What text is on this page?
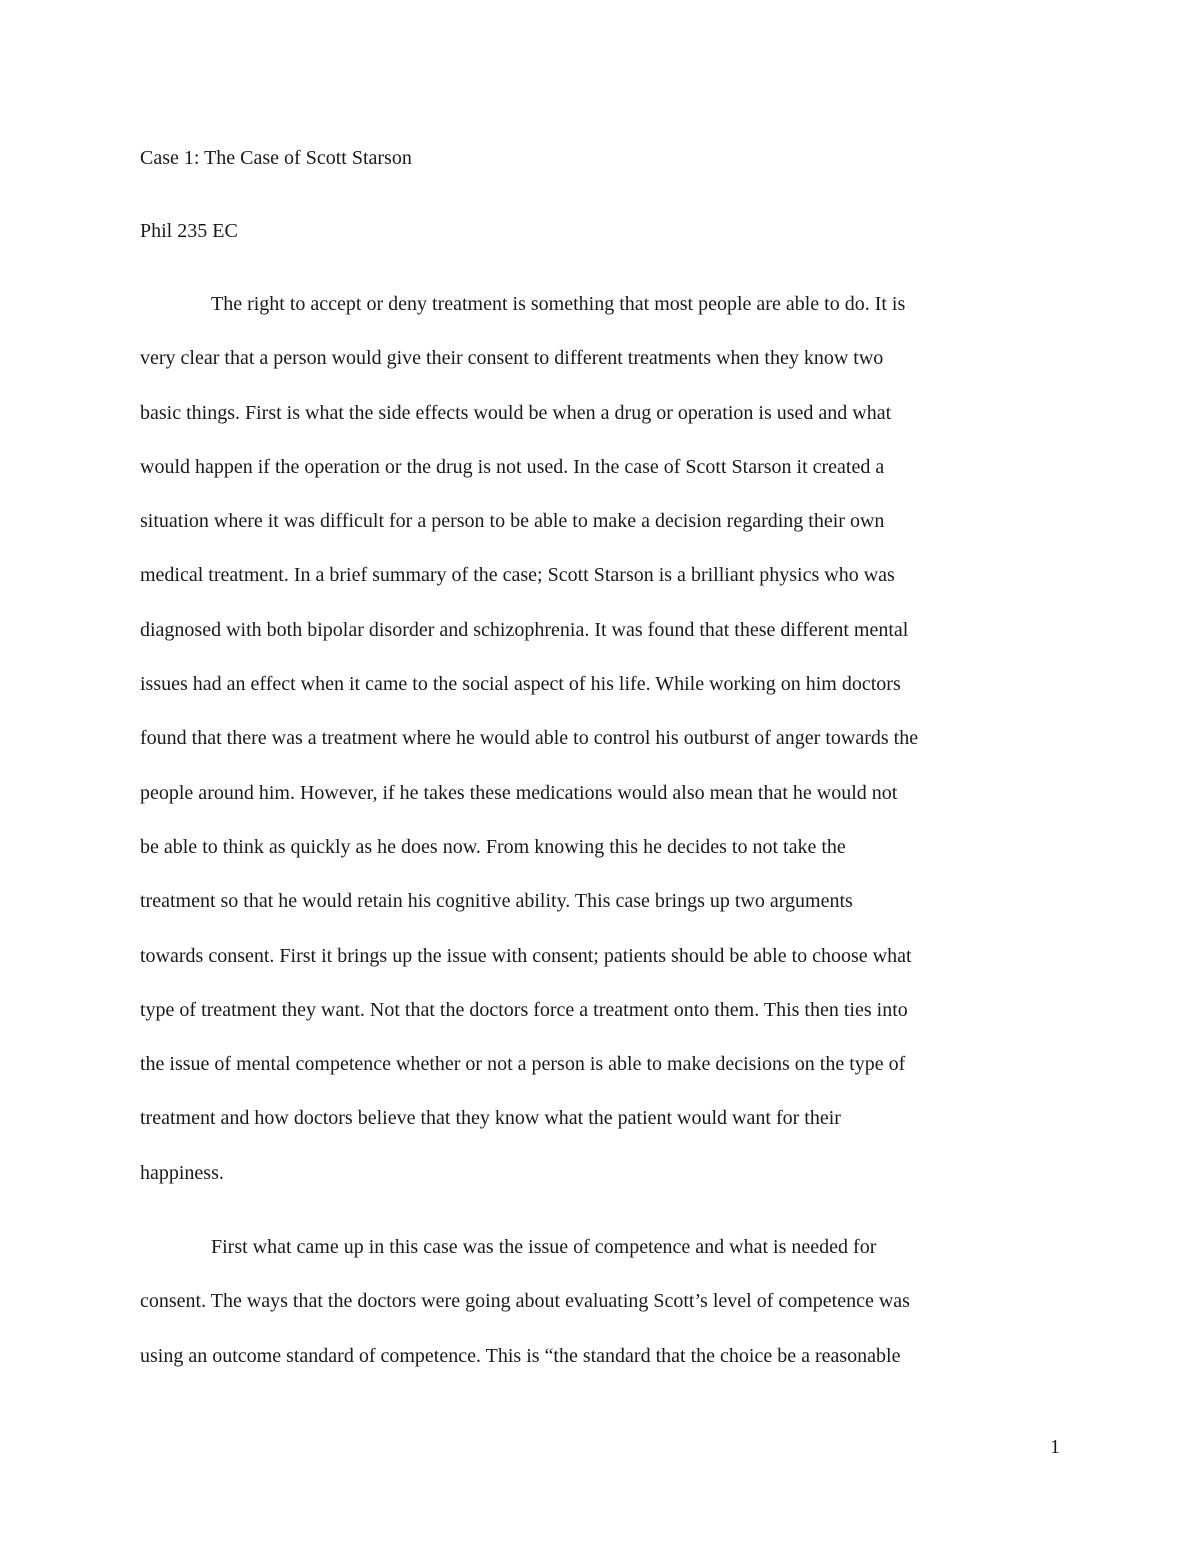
Case 1: The Case of Scott Starson
Phil 235 EC
The right to accept or deny treatment is something that most people are able to do. It is
very clear that a person would give their consent to different treatments when they know two
basic things. First is what the side effects would be when a drug or operation is used and what
would happen if the operation or the drug is not used. In the case of Scott Starson it created a
situation where it was difficult for a person to be able to make a decision regarding their own
medical treatment. In a brief summary of the case; Scott Starson is a brilliant physics who was
diagnosed with both bipolar disorder and schizophrenia. It was found that these different mental
issues had an effect when it came to the social aspect of his life. While working on him doctors
found that there was a treatment where he would able to control his outburst of anger towards the
people around him. However, if he takes these medications would also mean that he would not
be able to think as quickly as he does now. From knowing this he decides to not take the
treatment so that he would retain his cognitive ability. This case brings up two arguments
towards consent. First it brings up the issue with consent; patients should be able to choose what
type of treatment they want. Not that the doctors force a treatment onto them. This then ties into
the issue of mental competence whether or not a person is able to make decisions on the type of
treatment and how doctors believe that they know what the patient would want for their
happiness.
First what came up in this case was the issue of competence and what is needed for
consent. The ways that the doctors were going about evaluating Scott’s level of competence was
using an outcome standard of competence. This is “the standard that the choice be a reasonable
1
